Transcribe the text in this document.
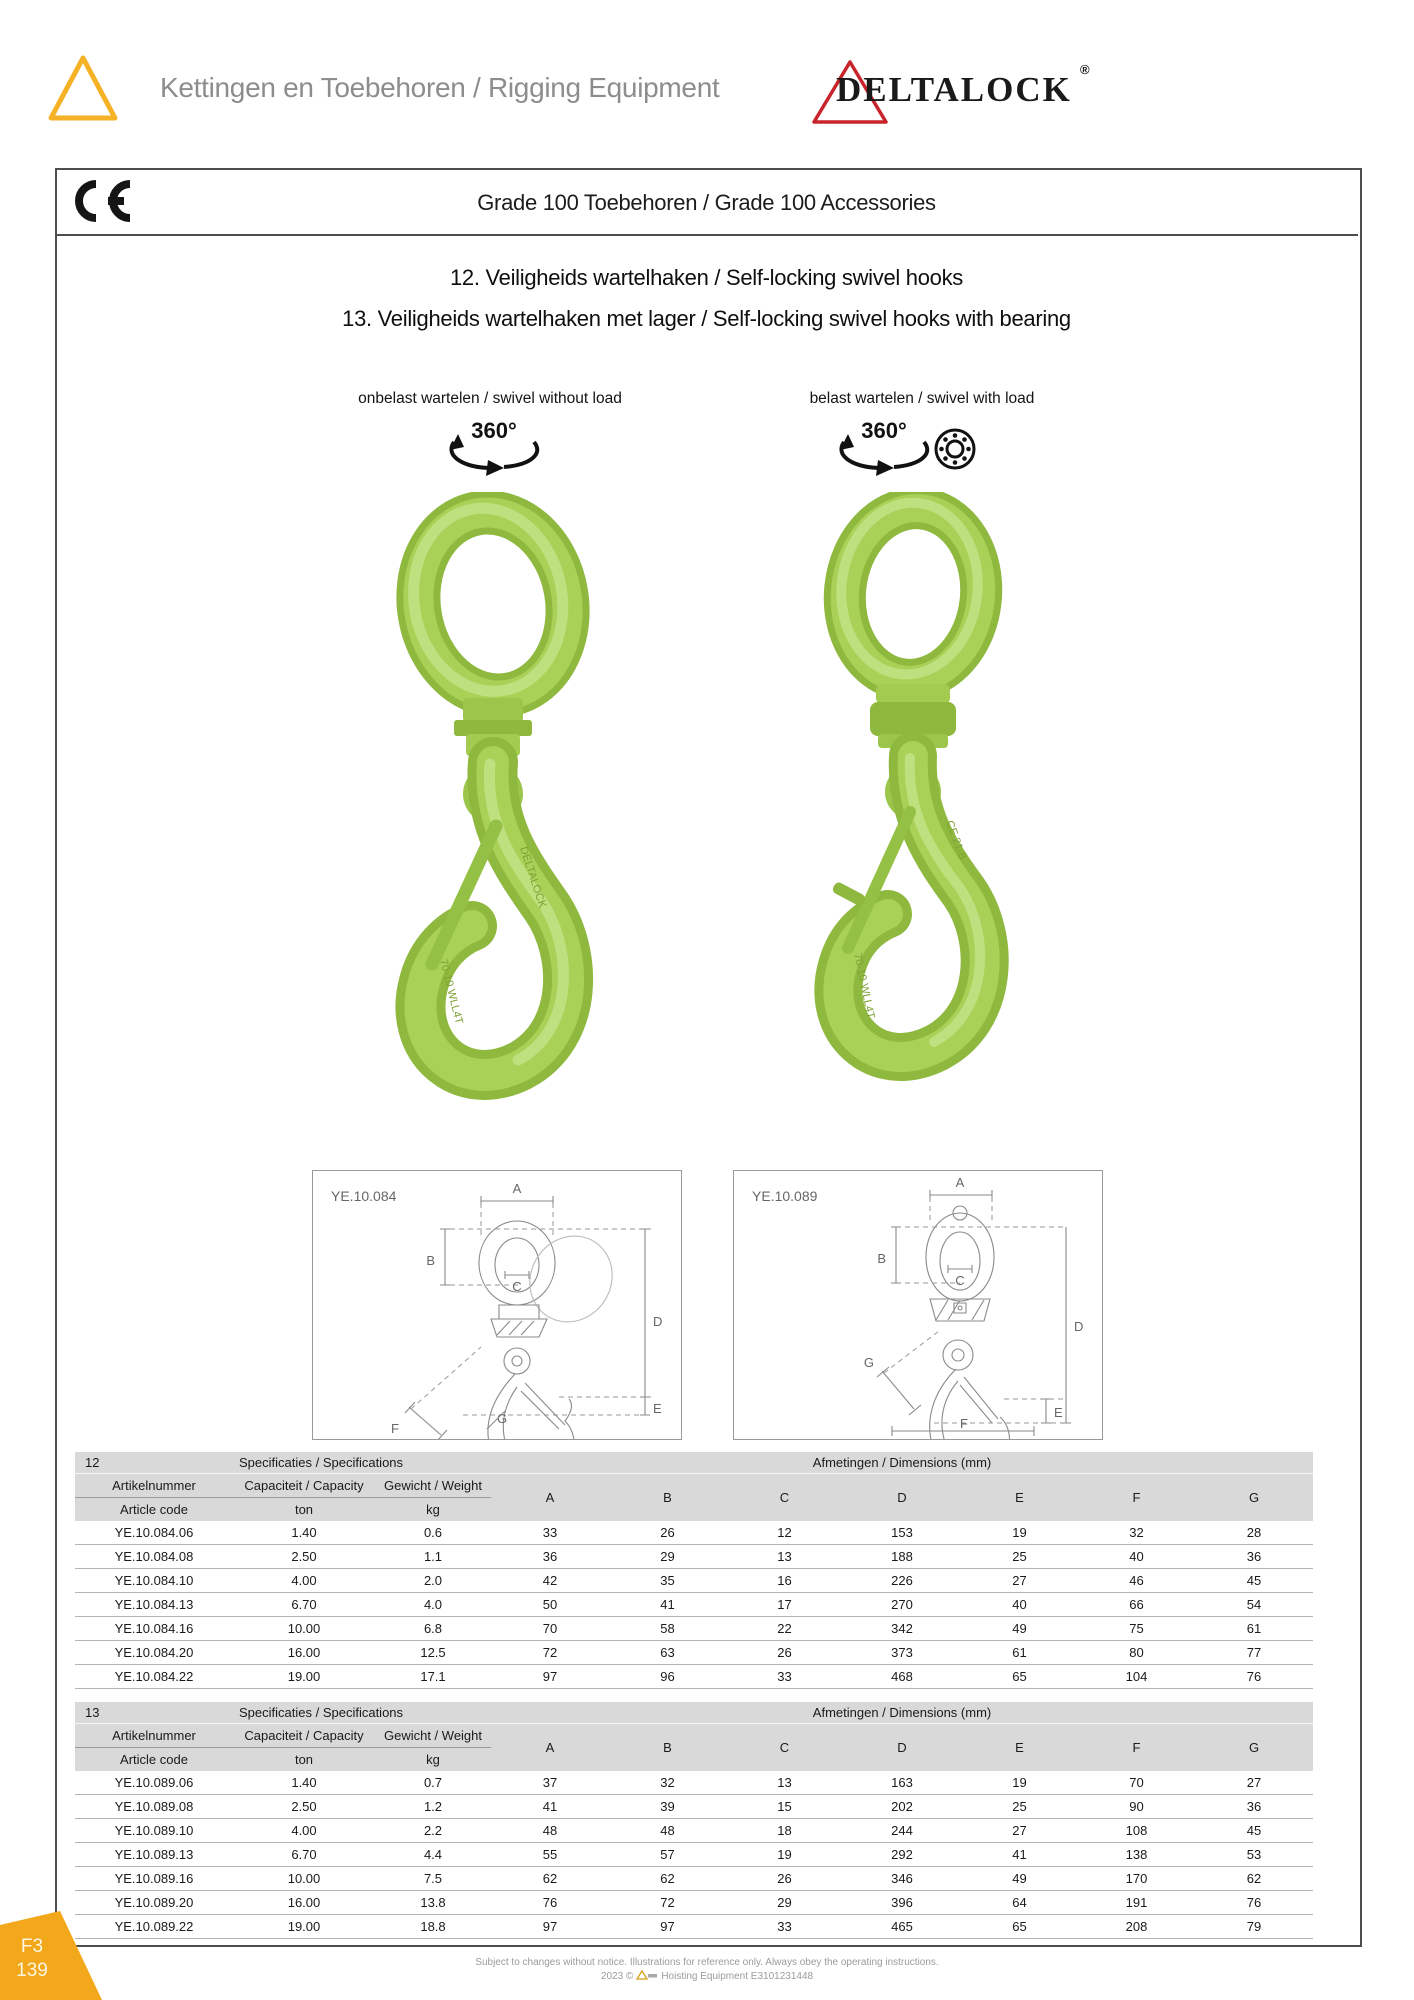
Kettingen en Toebehoren / Rigging Equipment	DELTALOCK
®
Grade 100 Toebehoren / Grade 100 Accessories
12. Veiligheids wartelhaken / Self-locking swivel hooks
13. Veiligheids wartelhaken met lager / Self-locking swivel hooks with bearing
onbelast wartelen / swivel without load	belast wartelen / swivel with load
360°	360°
DELTALOCK
70-10 WLL4T
CE 21-8
70-10 WLL4T
YE.10.084	A
B
C
G
F
D
E
YE.10.089
A
B
C
G
D
E
F
12	Specificaties / Specifications		Afmetingen / Dimensions (mm)						
Artikelnummer	Capaciteit / Capacity	Gewicht / Weight	A	B	C	D	E	F	G
Article code	ton	kg							
YE.10.084.06	1.40	0.6	33	26	12	153	19	32	28
YE.10.084.08	2.50	1.1	36	29	13	188	25	40	36
YE.10.084.10	4.00	2.0	42	35	16	226	27	46	45
YE.10.084.13	6.70	4.0	50	41	17	270	40	66	54
YE.10.084.16	10.00	6.8	70	58	22	342	49	75	61
YE.10.084.20	16.00	12.5	72	63	26	373	61	80	77
YE.10.084.22	19.00	17.1	97	96	33	468	65	104	76
13	Specificaties / Specifications		Afmetingen / Dimensions (mm)						
Artikelnummer	Capaciteit / Capacity	Gewicht / Weight	A	B	C	D	E	F	G
Article code	ton	kg							
YE.10.089.06	1.40	0.7	37	32	13	163	19	70	27
YE.10.089.08	2.50	1.2	41	39	15	202	25	90	36
YE.10.089.10	4.00	2.2	48	48	18	244	27	108	45
YE.10.089.13	6.70	4.4	55	57	19	292	41	138	53
YE.10.089.16	10.00	7.5	62	62	26	346	49	170	62
YE.10.089.20	16.00	13.8	76	72	29	396	64	191	76
YE.10.089.22	19.00	18.8	97	97	33	465	65	208	79
Subject to changes without notice. Illustrations for reference only. Always obey the operating instructions.
2023 ©	Hoisting Equipment E3101231448
F3
139
